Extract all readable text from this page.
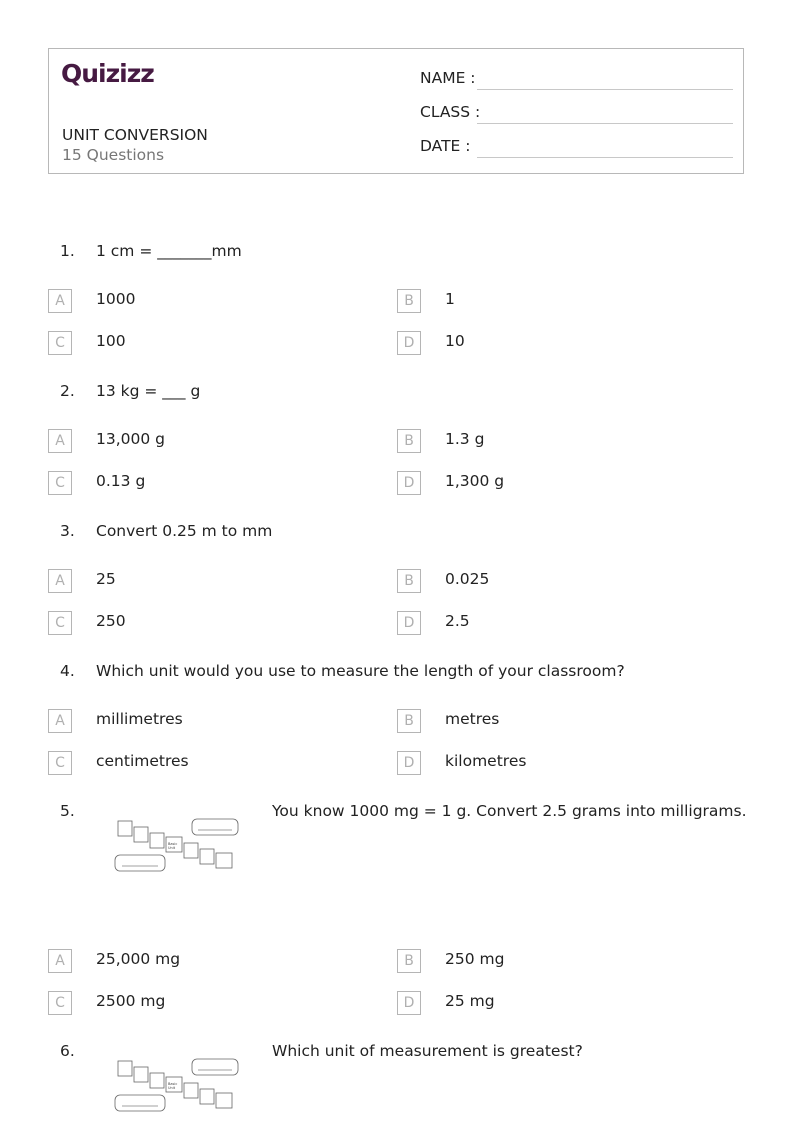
Quizizz
UNIT CONVERSION
15 Questions
NAME :
CLASS :
DATE :
1. 1 cm = _______mm
A	1000	B	1
C	100	D	10
2. 13 kg = ___ g
A	13,000 g	B	1.3 g
C	0.13 g	D	1,300 g
3. Convert 0.25 m to mm
A	25	B	0.025
C	250	D	2.5
4. Which unit would you use to measure the length of your classroom?
A	millimetres	B	metres
C	centimetres	D	kilometres
5.
Basic
Unit
You know 1000 mg = 1 g. Convert 2.5 grams into milligrams.
A	25,000 mg	B	250 mg
C	2500 mg	D	25 mg
6.
Basic
Unit
Which unit of measurement is greatest?
